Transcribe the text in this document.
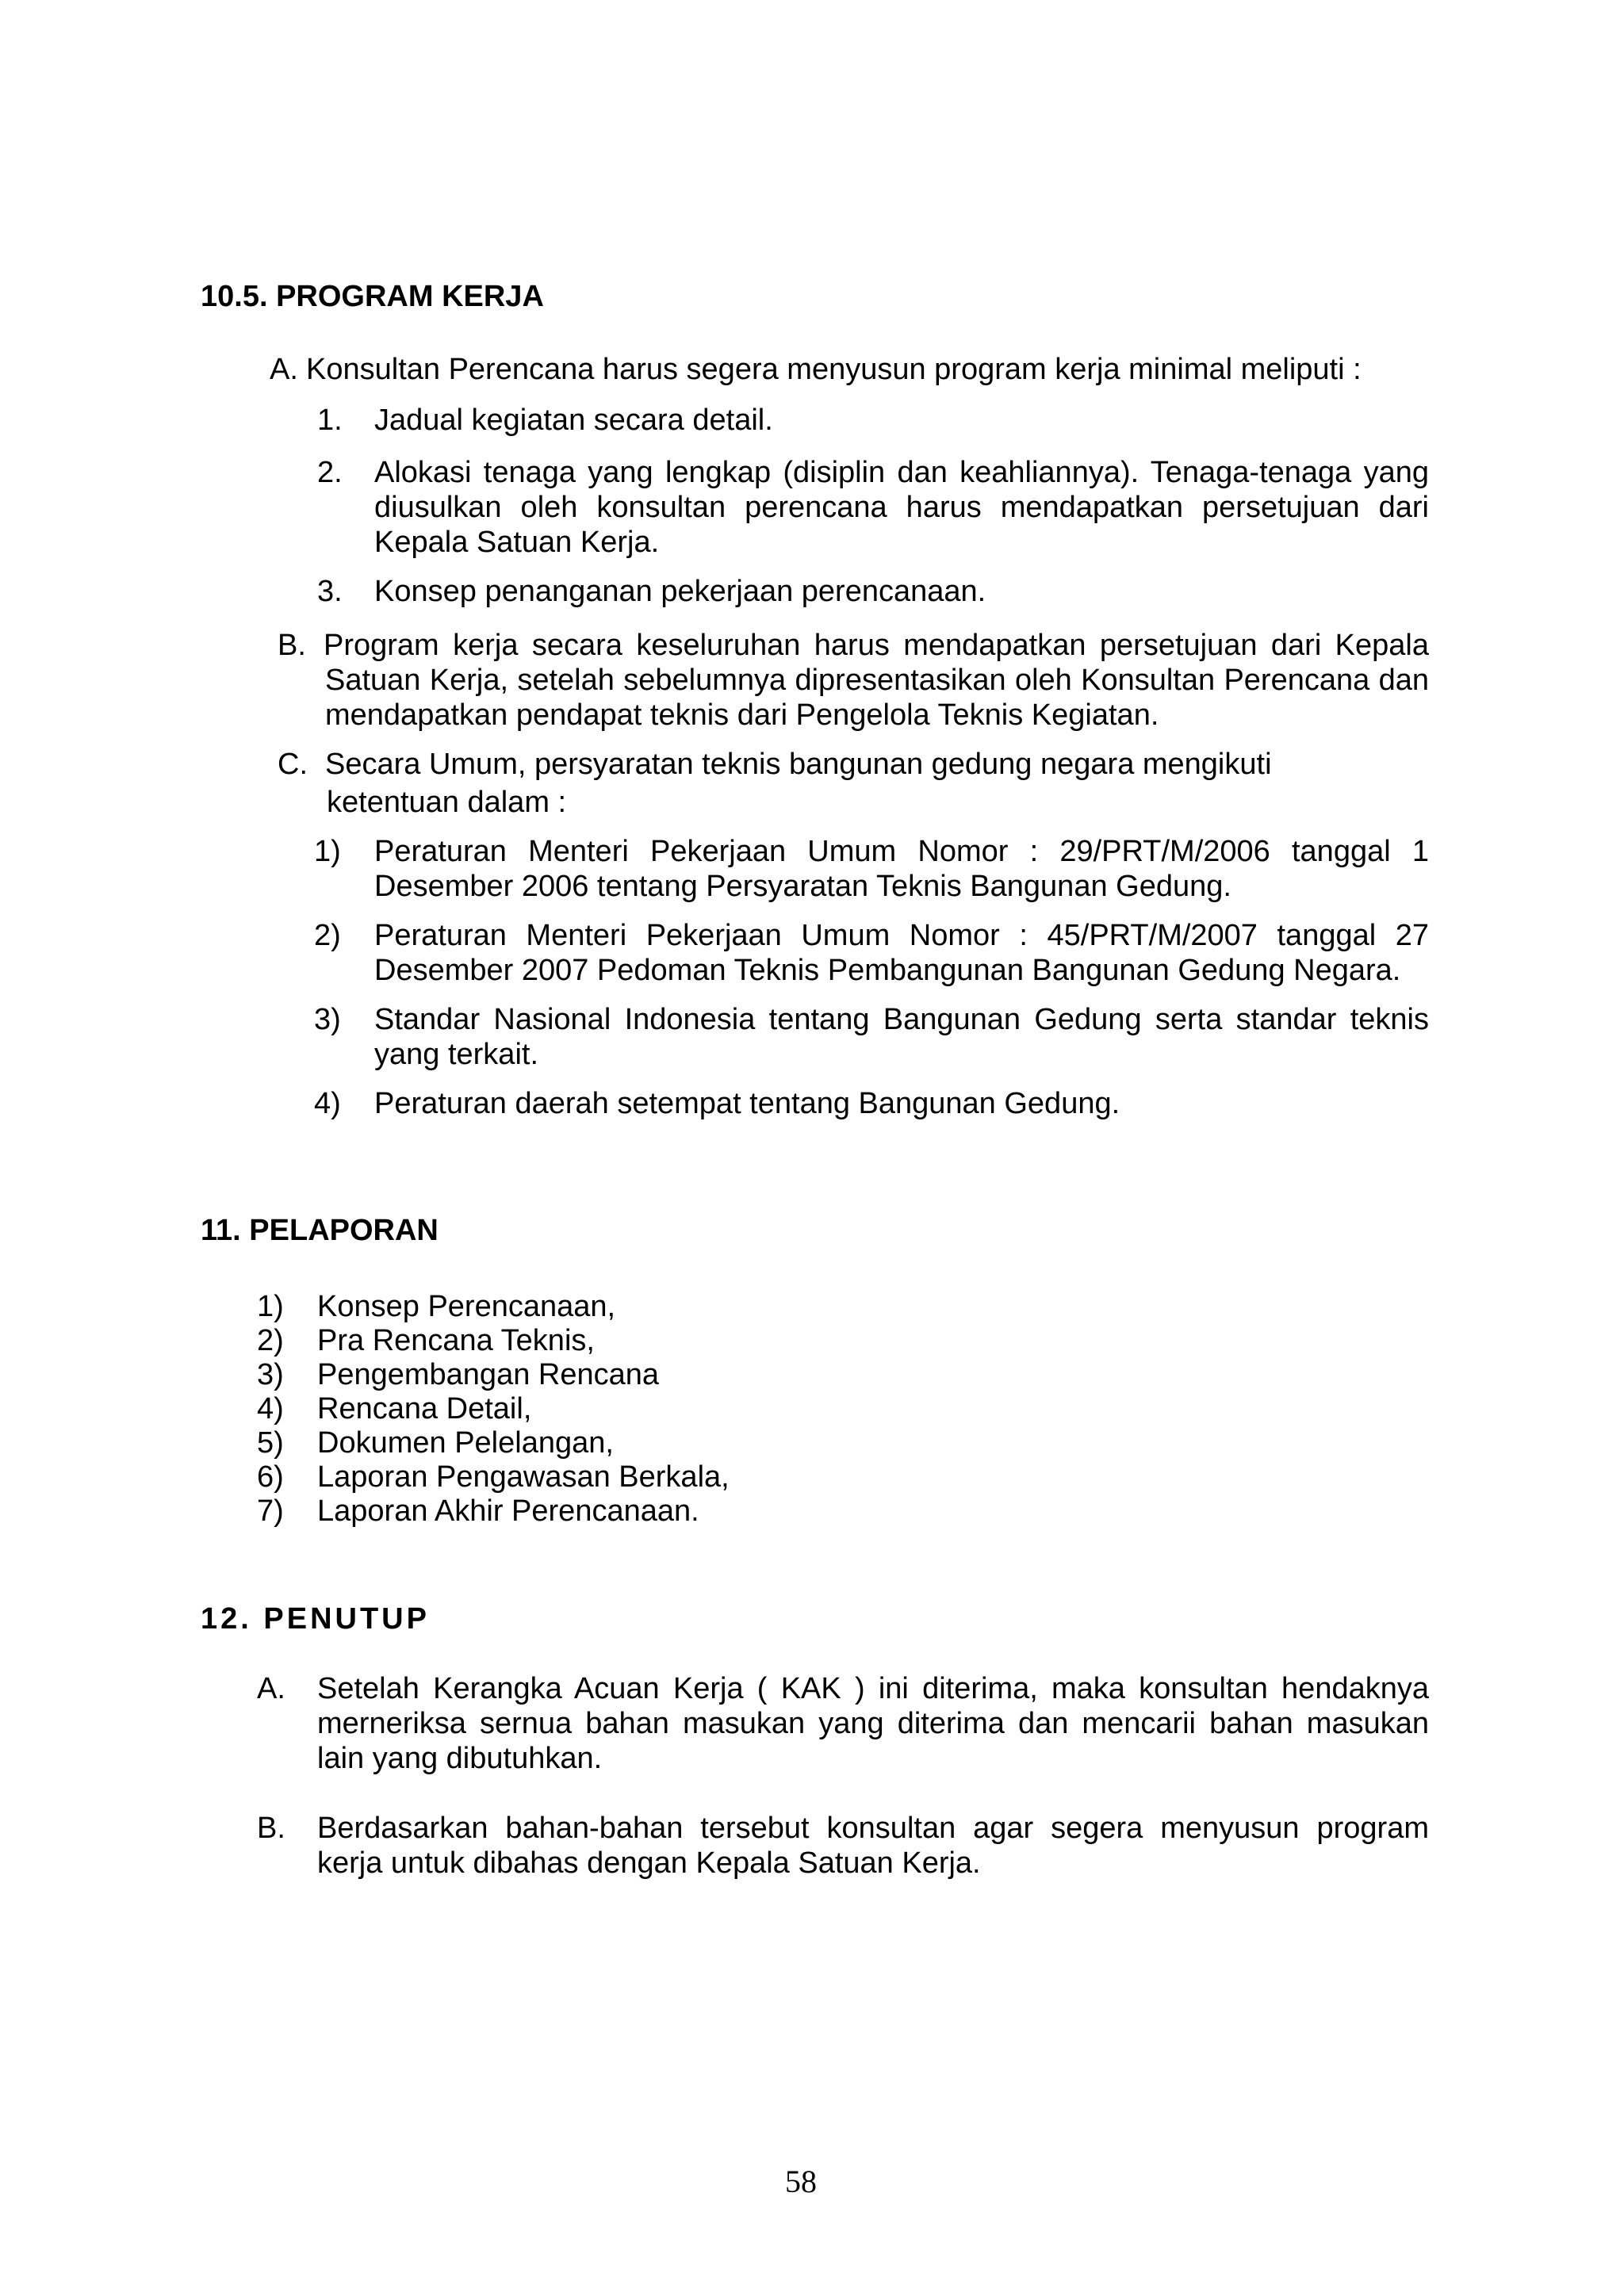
10.5. PROGRAM KERJA
A. Konsultan Perencana harus segera menyusun program kerja minimal meliputi :
1. Jadual kegiatan secara detail.
2. Alokasi tenaga yang lengkap (disiplin dan keahliannya). Tenaga-tenaga yang diusulkan oleh konsultan perencana harus mendapatkan persetujuan dari Kepala Satuan Kerja.
3. Konsep penanganan pekerjaan perencanaan.
B. Program kerja secara keseluruhan harus mendapatkan persetujuan dari Kepala Satuan Kerja, setelah sebelumnya dipresentasikan oleh Konsultan Perencana dan mendapatkan pendapat teknis dari Pengelola Teknis Kegiatan.
C. Secara Umum, persyaratan teknis bangunan gedung negara mengikuti
ketentuan dalam :
1) Peraturan Menteri Pekerjaan Umum Nomor : 29/PRT/M/2006 tanggal 1 Desember 2006 tentang Persyaratan Teknis Bangunan Gedung.
2) Peraturan Menteri Pekerjaan Umum Nomor : 45/PRT/M/2007 tanggal 27 Desember 2007 Pedoman Teknis Pembangunan Bangunan Gedung Negara.
3) Standar Nasional Indonesia tentang Bangunan Gedung serta standar teknis yang terkait.
4) Peraturan daerah setempat tentang Bangunan Gedung.
11. PELAPORAN
1) Konsep Perencanaan,
2) Pra Rencana Teknis,
3) Pengembangan Rencana
4) Rencana Detail,
5) Dokumen Pelelangan,
6) Laporan Pengawasan Berkala,
7) Laporan Akhir Perencanaan.
12. PENUTUP
A. Setelah Kerangka Acuan Kerja ( KAK ) ini diterima, maka konsultan hendaknya merneriksa sernua bahan masukan yang diterima dan mencarii bahan masukan lain yang dibutuhkan.
B. Berdasarkan bahan-bahan tersebut konsultan agar segera menyusun program kerja untuk dibahas dengan Kepala Satuan Kerja.
58
